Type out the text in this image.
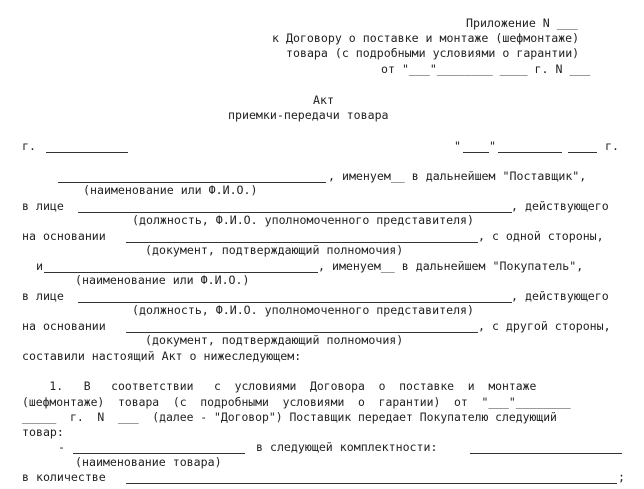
Приложение N ___
к Договору о поставке и монтаже (шефмонтаже)
товара (с подробными условиями о гарантии)
от "___"________ ____ г. N ___
Акт
приемки-передачи товара
г.	" "	г.
, именуем__ в дальнейшем "Поставщик",
(наименование или Ф.И.О.)
в лице	, действующего
(должность, Ф.И.О. уполномоченного представителя)
на основании	, с одной стороны,
(документ, подтверждающий полномочия)
и	, именуем__ в дальнейшем "Покупатель",
(наименование или Ф.И.О.)
в лице	, действующего
(должность, Ф.И.О. уполномоченного представителя)
на основании	, с другой стороны,
(документ, подтверждающий полномочия)
составили настоящий Акт о нижеследующем:
1.   В   соответствии   с  условиями  Договора  о  поставке  и  монтаже
(шефмонтаже)  товара  (с  подробными  условиями  о  гарантии)  от  "___"________
_____  г.  N  ___  (далее - "Договор") Поставщик передает Покупателю следующий
товар:
-	в следующей комплектности:
(наименование товара)
в количестве	;
